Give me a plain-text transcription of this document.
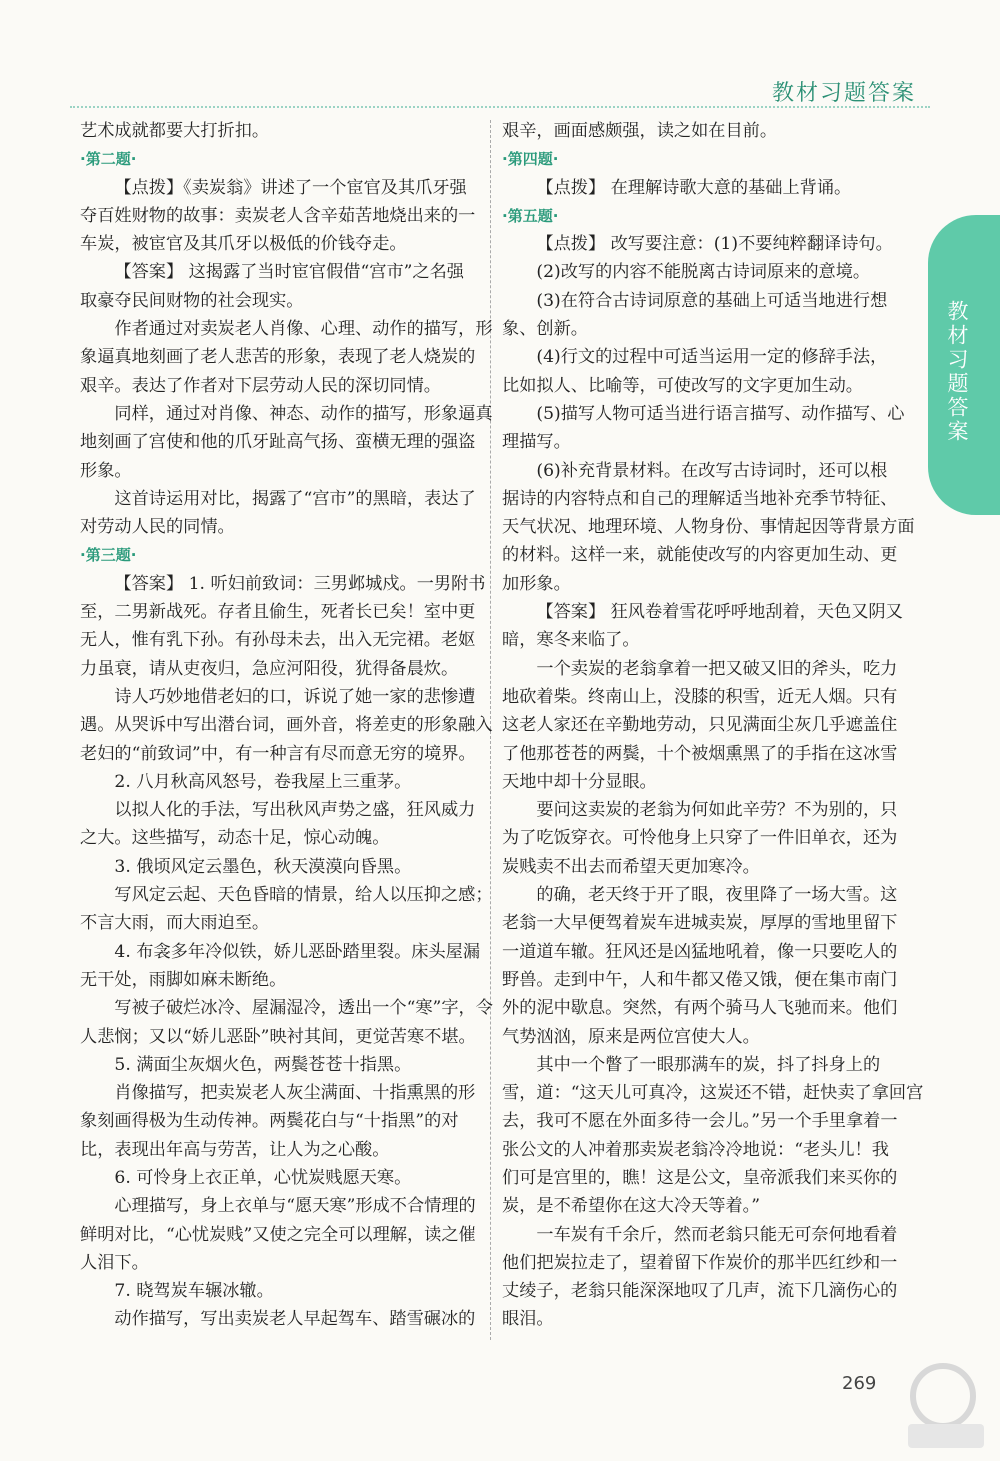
教材习题答案
教材习题答案
艺术成就都要大打折扣。
·第二题·
【点拨】《卖炭翁》讲述了一个宦官及其爪牙强
夺百姓财物的故事：卖炭老人含辛茹苦地烧出来的一
车炭，被宦官及其爪牙以极低的价钱夺走。
【答案】 这揭露了当时宦官假借“宫市”之名强
取豪夺民间财物的社会现实。
作者通过对卖炭老人肖像、心理、动作的描写，形
象逼真地刻画了老人悲苦的形象，表现了老人烧炭的
艰辛。表达了作者对下层劳动人民的深切同情。
同样，通过对肖像、神态、动作的描写，形象逼真
地刻画了宫使和他的爪牙趾高气扬、蛮横无理的强盗
形象。
这首诗运用对比，揭露了“宫市”的黑暗，表达了
对劳动人民的同情。
·第三题·
【答案】 1. 听妇前致词：三男邺城戍。一男附书
至，二男新战死。存者且偷生，死者长已矣！室中更
无人，惟有乳下孙。有孙母未去，出入无完裙。老妪
力虽衰，请从吏夜归，急应河阳役，犹得备晨炊。
诗人巧妙地借老妇的口，诉说了她一家的悲惨遭
遇。从哭诉中写出潜台词，画外音，将差吏的形象融入
老妇的“前致词”中，有一种言有尽而意无穷的境界。
2. 八月秋高风怒号，卷我屋上三重茅。
以拟人化的手法，写出秋风声势之盛，狂风威力
之大。这些描写，动态十足，惊心动魄。
3. 俄顷风定云墨色，秋天漠漠向昏黑。
写风定云起、天色昏暗的情景，给人以压抑之感；
不言大雨，而大雨迫至。
4. 布衾多年冷似铁，娇儿恶卧踏里裂。床头屋漏
无干处，雨脚如麻未断绝。
写被子破烂冰冷、屋漏湿冷，透出一个“寒”字，令
人悲悯；又以“娇儿恶卧”映衬其间，更觉苦寒不堪。
5. 满面尘灰烟火色，两鬓苍苍十指黑。
肖像描写，把卖炭老人灰尘满面、十指熏黑的形
象刻画得极为生动传神。两鬓花白与“十指黑”的对
比，表现出年高与劳苦，让人为之心酸。
6. 可怜身上衣正单，心忧炭贱愿天寒。
心理描写，身上衣单与“愿天寒”形成不合情理的
鲜明对比，“心忧炭贱”又使之完全可以理解，读之催
人泪下。
7. 晓驾炭车辗冰辙。
动作描写，写出卖炭老人早起驾车、踏雪碾冰的
艰辛，画面感颇强，读之如在目前。
·第四题·
【点拨】 在理解诗歌大意的基础上背诵。
·第五题·
【点拨】 改写要注意：(1)不要纯粹翻译诗句。
(2)改写的内容不能脱离古诗词原来的意境。
(3)在符合古诗词原意的基础上可适当地进行想
象、创新。
(4)行文的过程中可适当运用一定的修辞手法，
比如拟人、比喻等，可使改写的文字更加生动。
(5)描写人物可适当进行语言描写、动作描写、心
理描写。
(6)补充背景材料。在改写古诗词时，还可以根
据诗的内容特点和自己的理解适当地补充季节特征、
天气状况、地理环境、人物身份、事情起因等背景方面
的材料。这样一来，就能使改写的内容更加生动、更
加形象。
【答案】 狂风卷着雪花呼呼地刮着，天色又阴又
暗，寒冬来临了。
一个卖炭的老翁拿着一把又破又旧的斧头，吃力
地砍着柴。终南山上，没膝的积雪，近无人烟。只有
这老人家还在辛勤地劳动，只见满面尘灰几乎遮盖住
了他那苍苍的两鬓，十个被烟熏黑了的手指在这冰雪
天地中却十分显眼。
要问这卖炭的老翁为何如此辛劳？不为别的，只
为了吃饭穿衣。可怜他身上只穿了一件旧单衣，还为
炭贱卖不出去而希望天更加寒冷。
的确，老天终于开了眼，夜里降了一场大雪。这
老翁一大早便驾着炭车进城卖炭，厚厚的雪地里留下
一道道车辙。狂风还是凶猛地吼着，像一只要吃人的
野兽。走到中午，人和牛都又倦又饿，便在集市南门
外的泥中歇息。突然，有两个骑马人飞驰而来。他们
气势汹汹，原来是两位宫使大人。
其中一个瞥了一眼那满车的炭，抖了抖身上的
雪，道：“这天儿可真冷，这炭还不错，赶快卖了拿回宫
去，我可不愿在外面多待一会儿。”另一个手里拿着一
张公文的人冲着那卖炭老翁冷冷地说：“老头儿！我
们可是宫里的，瞧！这是公文，皇帝派我们来买你的
炭，是不希望你在这大冷天等着。”
一车炭有千余斤，然而老翁只能无可奈何地看着
他们把炭拉走了，望着留下作炭价的那半匹红纱和一
丈绫子，老翁只能深深地叹了几声，流下几滴伤心的
眼泪。
269
